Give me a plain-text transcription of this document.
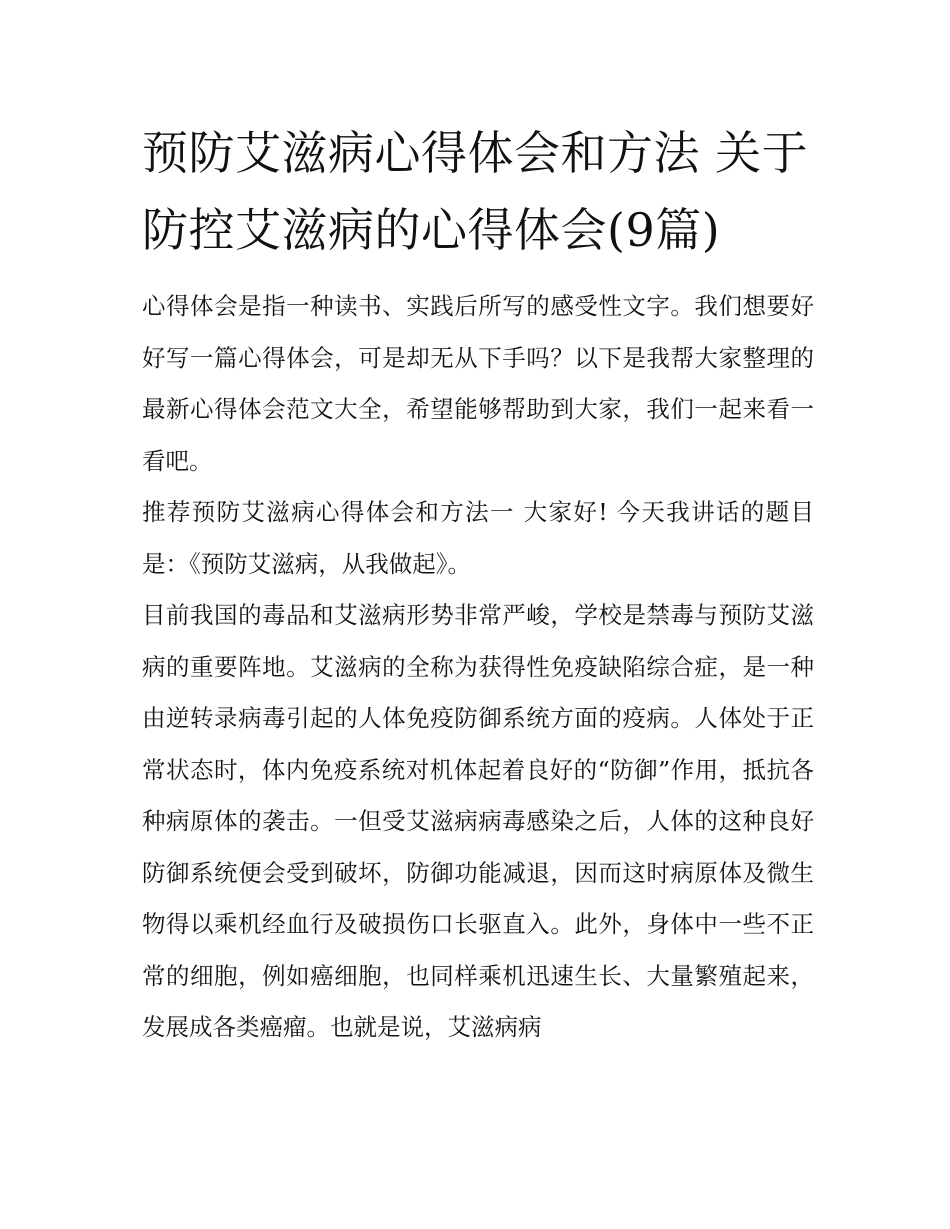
预防艾滋病心得体会和方法 关于防控艾滋病的心得体会(9篇)

心得体会是指一种读书、实践后所写的感受性文字。我们想要好好写一篇心得体会，可是却无从下手吗？以下是我帮大家整理的最新心得体会范文大全，希望能够帮助到大家，我们一起来看一看吧。

推荐预防艾滋病心得体会和方法一 大家好! 今天我讲话的题目是：《预防艾滋病，从我做起》。

目前我国的毒品和艾滋病形势非常严峻，学校是禁毒与预防艾滋病的重要阵地。艾滋病的全称为获得性免疫缺陷综合症，是一种由逆转录病毒引起的人体免疫防御系统方面的疫病。人体处于正常状态时，体内免疫系统对机体起着良好的“防御”作用，抵抗各种病原体的袭击。一但受艾滋病病毒感染之后，人体的这种良好防御系统便会受到破坏，防御功能减退，因而这时病原体及微生物得以乘机经血行及破损伤口长驱直入。此外，身体中一些不正常的细胞，例如癌细胞，也同样乘机迅速生长、大量繁殖起来，发展成各类癌瘤。也就是说，艾滋病病
